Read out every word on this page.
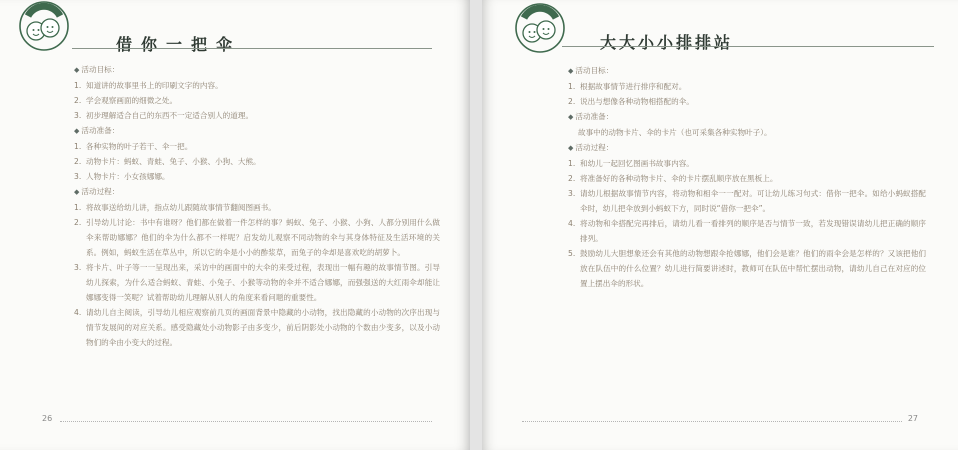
借你一把伞
◆ 活动目标：
1. 知道讲的故事里书上的印刷文字的内容。
2. 学会观察画面的细微之处。
3. 初步理解适合自己的东西不一定适合别人的道理。
◆ 活动准备：
1. 各种实物的叶子若干、伞一把。
2. 动物卡片：蚂蚁、青蛙、兔子、小猴、小狗、大熊。
3. 人物卡片：小女孩娜娜。
◆ 活动过程：
1. 将故事送给幼儿讲，指点幼儿跟随故事情节翻阅图画书。
2. 引导幼儿讨论：书中有谁呀？他们都在做着一件怎样的事？蚂蚁、兔子、小猴、小狗、人都分别用什么做伞来帮助娜娜？他们的伞为什么都不一样呢？启发幼儿观察不同动物的伞与其身体特征及生活环境的关系。例如，蚂蚁生活在草丛中，所以它的伞是小小的酢浆草，而兔子的伞却是喜欢吃的胡萝卜。
3. 将卡片、叶子等一一呈现出来，采访中的画面中的大伞的来受过程，表现出一幅有趣的故事情节图。引导幼儿探索，为什么适合蚂蚁、青蛙、小兔子、小猴等动物的伞并不适合娜娜，而强强送的大红雨伞却能让娜娜变得一笑呢？试着帮助幼儿理解从别人的角度来看问题的重要性。
4. 请幼儿自主阅读，引导幼儿相应观察前几页的画面背景中隐藏的小动物，找出隐藏的小动物的次序出现与情节发展间的对应关系。感受隐藏处小动物影子由多变少，前后阴影处小动物的个数由少变多，以及小动物们的伞由小变大的过程。
26
大大小小排排站
◆ 活动目标：
1. 根据故事情节进行排序和配对。
2. 说出与想像各种动物相搭配的伞。
◆ 活动准备：
故事中的动物卡片、伞的卡片（也可采集各种实物叶子）。
◆ 活动过程：
1. 和幼儿一起回忆图画书故事内容。
2. 将准备好的各种动物卡片、伞的卡片摆乱顺序放在黑板上。
3. 请幼儿根据故事情节内容，将动物和相伞一一配对。可让幼儿练习句式：借你一把伞。如给小蚂蚁搭配伞时，幼儿把伞放到小蚂蚁下方，同时说“借你一把伞”。
4. 将动物和伞搭配完再排后，请幼儿看一看排列的顺序是否与情节一致，若发现错误请幼儿把正确的顺序排列。
5. 鼓励幼儿大胆想象还会有其他的动物想跟伞抢娜娜，他们会是谁？他们的雨伞会是怎样的？又该把他们放在队伍中的什么位置？幼儿进行简要讲述时，教师可在队伍中帮忙摆出动物，请幼儿自己在对应的位置上摆出伞的形状。
27
